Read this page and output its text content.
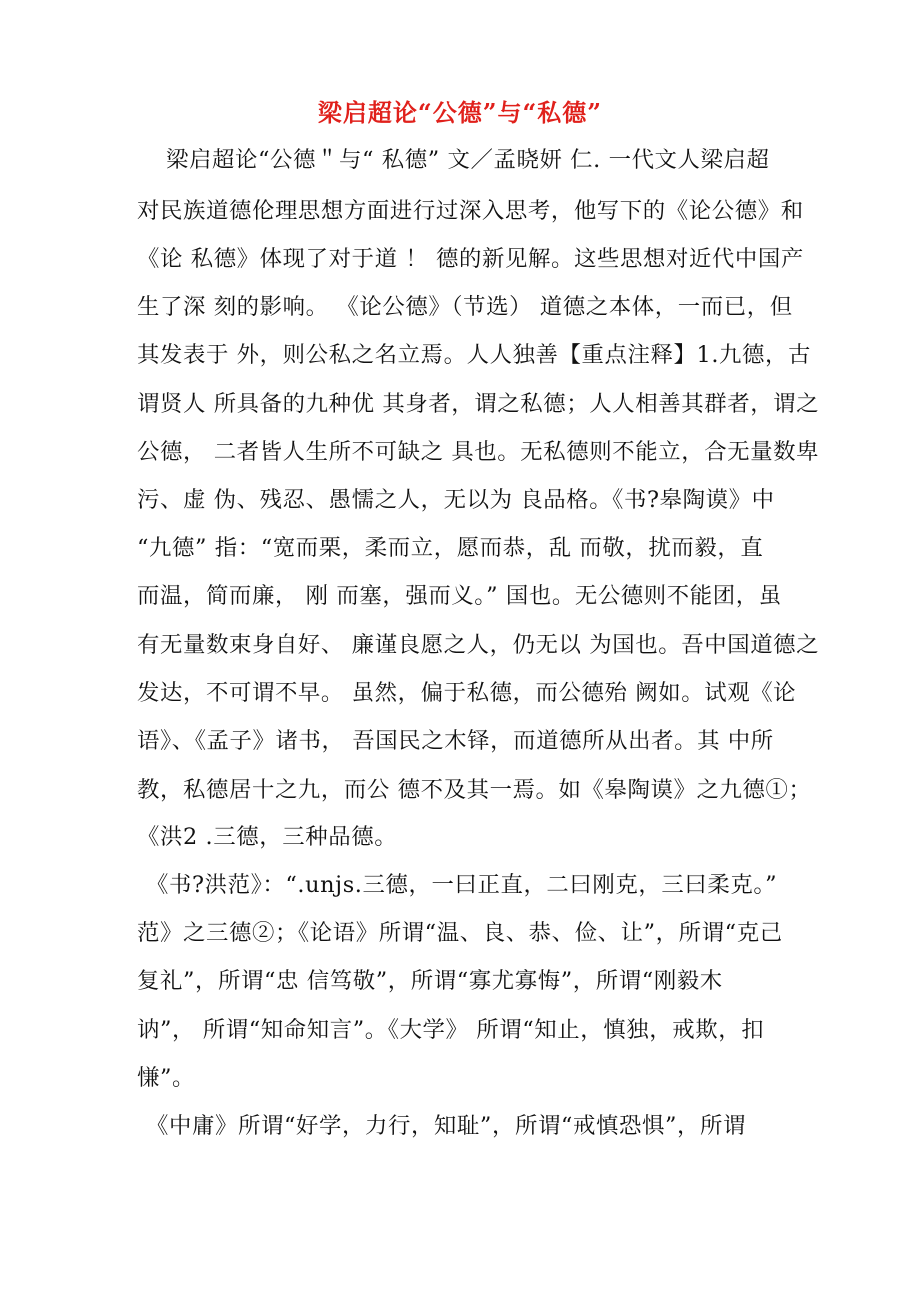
梁启超论“公德”与“私德”
梁启超论“公德＂与“ 私德” 文／孟晓妍 仁. 一代文人梁启超
对民族道德伦理思想方面进行过深入思考，他写下的《论公德》和
《论 私德》体现了对于道 ！ 德的新见解。这些思想对近代中国产
生了深 刻的影响。 《论公德》（节选） 道德之本体，一而已，但
其发表于 外，则公私之名立焉。人人独善【重点注释】1.九德，古
谓贤人 所具备的九种优 其身者，谓之私德；人人相善其群者，谓之
公德， 二者皆人生所不可缺之 具也。无私德则不能立，合无量数卑
污、虚 伪、残忍、愚懦之人，无以为 良品格。《书?皋陶谟》中
“九德” 指：“宽而栗，柔而立，愿而恭，乱 而敬，扰而毅，直
而温，简而廉， 刚 而塞，强而义。” 国也。无公德则不能团，虽
有无量数束身自好、 廉谨良愿之人，仍无以 为国也。吾中国道德之
发达，不可谓不早。 虽然，偏于私德，而公德殆 阙如。试观《论
语》、《孟子》诸书， 吾国民之木铎，而道德所从出者。其 中所
教，私德居十之九，而公 德不及其一焉。如《皋陶谟》之九德①；
《洪2 .三德，三种品德。
《书?洪范》：“.unjs.三德，一曰正直，二曰刚克，三曰柔克。”
范》之三德②；《论语》所谓“温、良、恭、俭、让”，所谓“克己
复礼”，所谓“忠 信笃敬”，所谓“寡尤寡悔”，所谓“刚毅木
讷”， 所谓“知命知言”。《大学》 所谓“知止，慎独，戒欺，扣
慊”。
《中庸》所谓“好学，力行，知耻”，所谓“戒慎恐惧”，所谓
